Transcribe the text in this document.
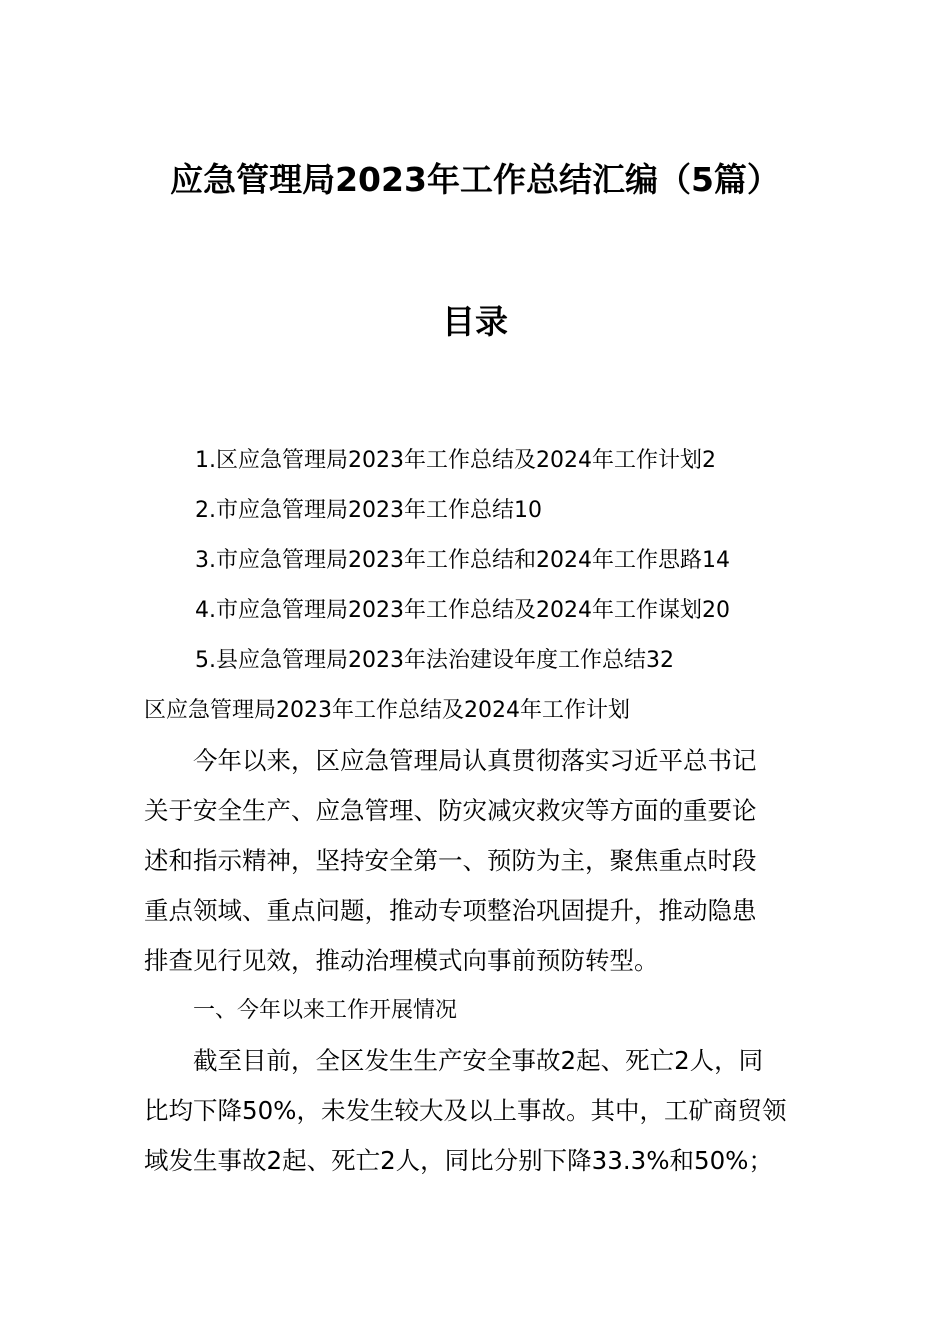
应急管理局2023年工作总结汇编（5篇）
目录
1.区应急管理局2023年工作总结及2024年工作计划2
2.市应急管理局2023年工作总结10
3.市应急管理局2023年工作总结和2024年工作思路14
4.市应急管理局2023年工作总结及2024年工作谋划20
5.县应急管理局2023年法治建设年度工作总结32
区应急管理局2023年工作总结及2024年工作计划
今年以来，区应急管理局认真贯彻落实习近平总书记
关于安全生产、应急管理、防灾减灾救灾等方面的重要论
述和指示精神，坚持安全第一、预防为主，聚焦重点时段
重点领域、重点问题，推动专项整治巩固提升，推动隐患
排查见行见效，推动治理模式向事前预防转型。
一、今年以来工作开展情况
截至目前，全区发生生产安全事故2起、死亡2人，同
比均下降50%，未发生较大及以上事故。其中，工矿商贸领
域发生事故2起、死亡2人，同比分别下降33.3%和50%；
